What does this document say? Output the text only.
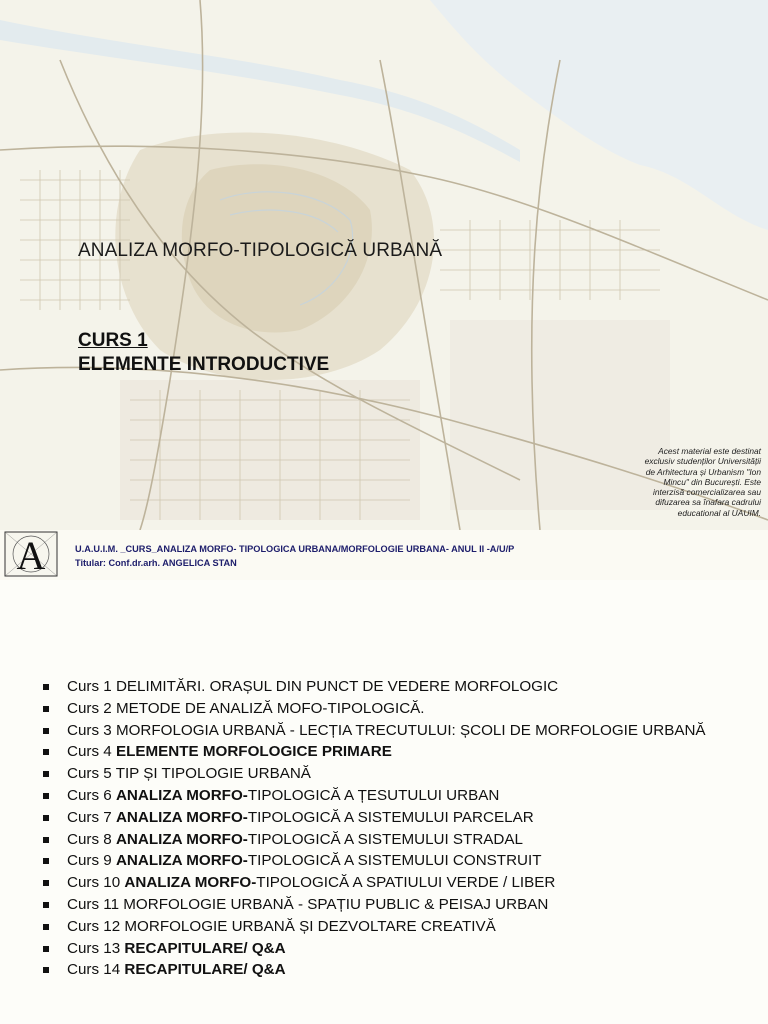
ANALIZA MORFO-TIPOLOGICĂ URBANĂ
CURS 1
ELEMENTE INTRODUCTIVE
Acest material este destinat exclusiv studenților Universității de Arhitectura și Urbanism "Ion Mincu" din București. Este interzisă comercializarea sau difuzarea sa înafara cadrului educational al UAUIM.
A	U.A.U.I.M. _CURS_ANALIZA MORFO- TIPOLOGICA URBANA/MORFOLOGIE URBANA- ANUL II -A/U/P
Titular: Conf.dr.arh. ANGELICA STAN
Curs 1 DELIMITĂRI. ORAȘUL DIN PUNCT DE VEDERE MORFOLOGIC
Curs 2 METODE DE ANALIZĂ MOFO-TIPOLOGICĂ.
Curs 3 MORFOLOGIA URBANĂ - LECȚIA TRECUTULUI: ȘCOLI DE MORFOLOGIE URBANĂ
Curs 4 ELEMENTE MORFOLOGICE PRIMARE
Curs 5 TIP ȘI TIPOLOGIE URBANĂ
Curs 6 ANALIZA MORFO-TIPOLOGICĂ A ȚESUTULUI URBAN
Curs 7 ANALIZA MORFO-TIPOLOGICĂ A SISTEMULUI PARCELAR
Curs 8 ANALIZA MORFO-TIPOLOGICĂ A SISTEMULUI STRADAL
Curs 9 ANALIZA MORFO-TIPOLOGICĂ A SISTEMULUI CONSTRUIT
Curs 10 ANALIZA MORFO-TIPOLOGICĂ A SPATIULUI VERDE / LIBER
Curs 11 MORFOLOGIE URBANĂ - SPAȚIU PUBLIC & PEISAJ URBAN
Curs 12 MORFOLOGIE URBANĂ ȘI DEZVOLTARE CREATIVĂ
Curs 13 RECAPITULARE/ Q&A
Curs 14 RECAPITULARE/ Q&A
